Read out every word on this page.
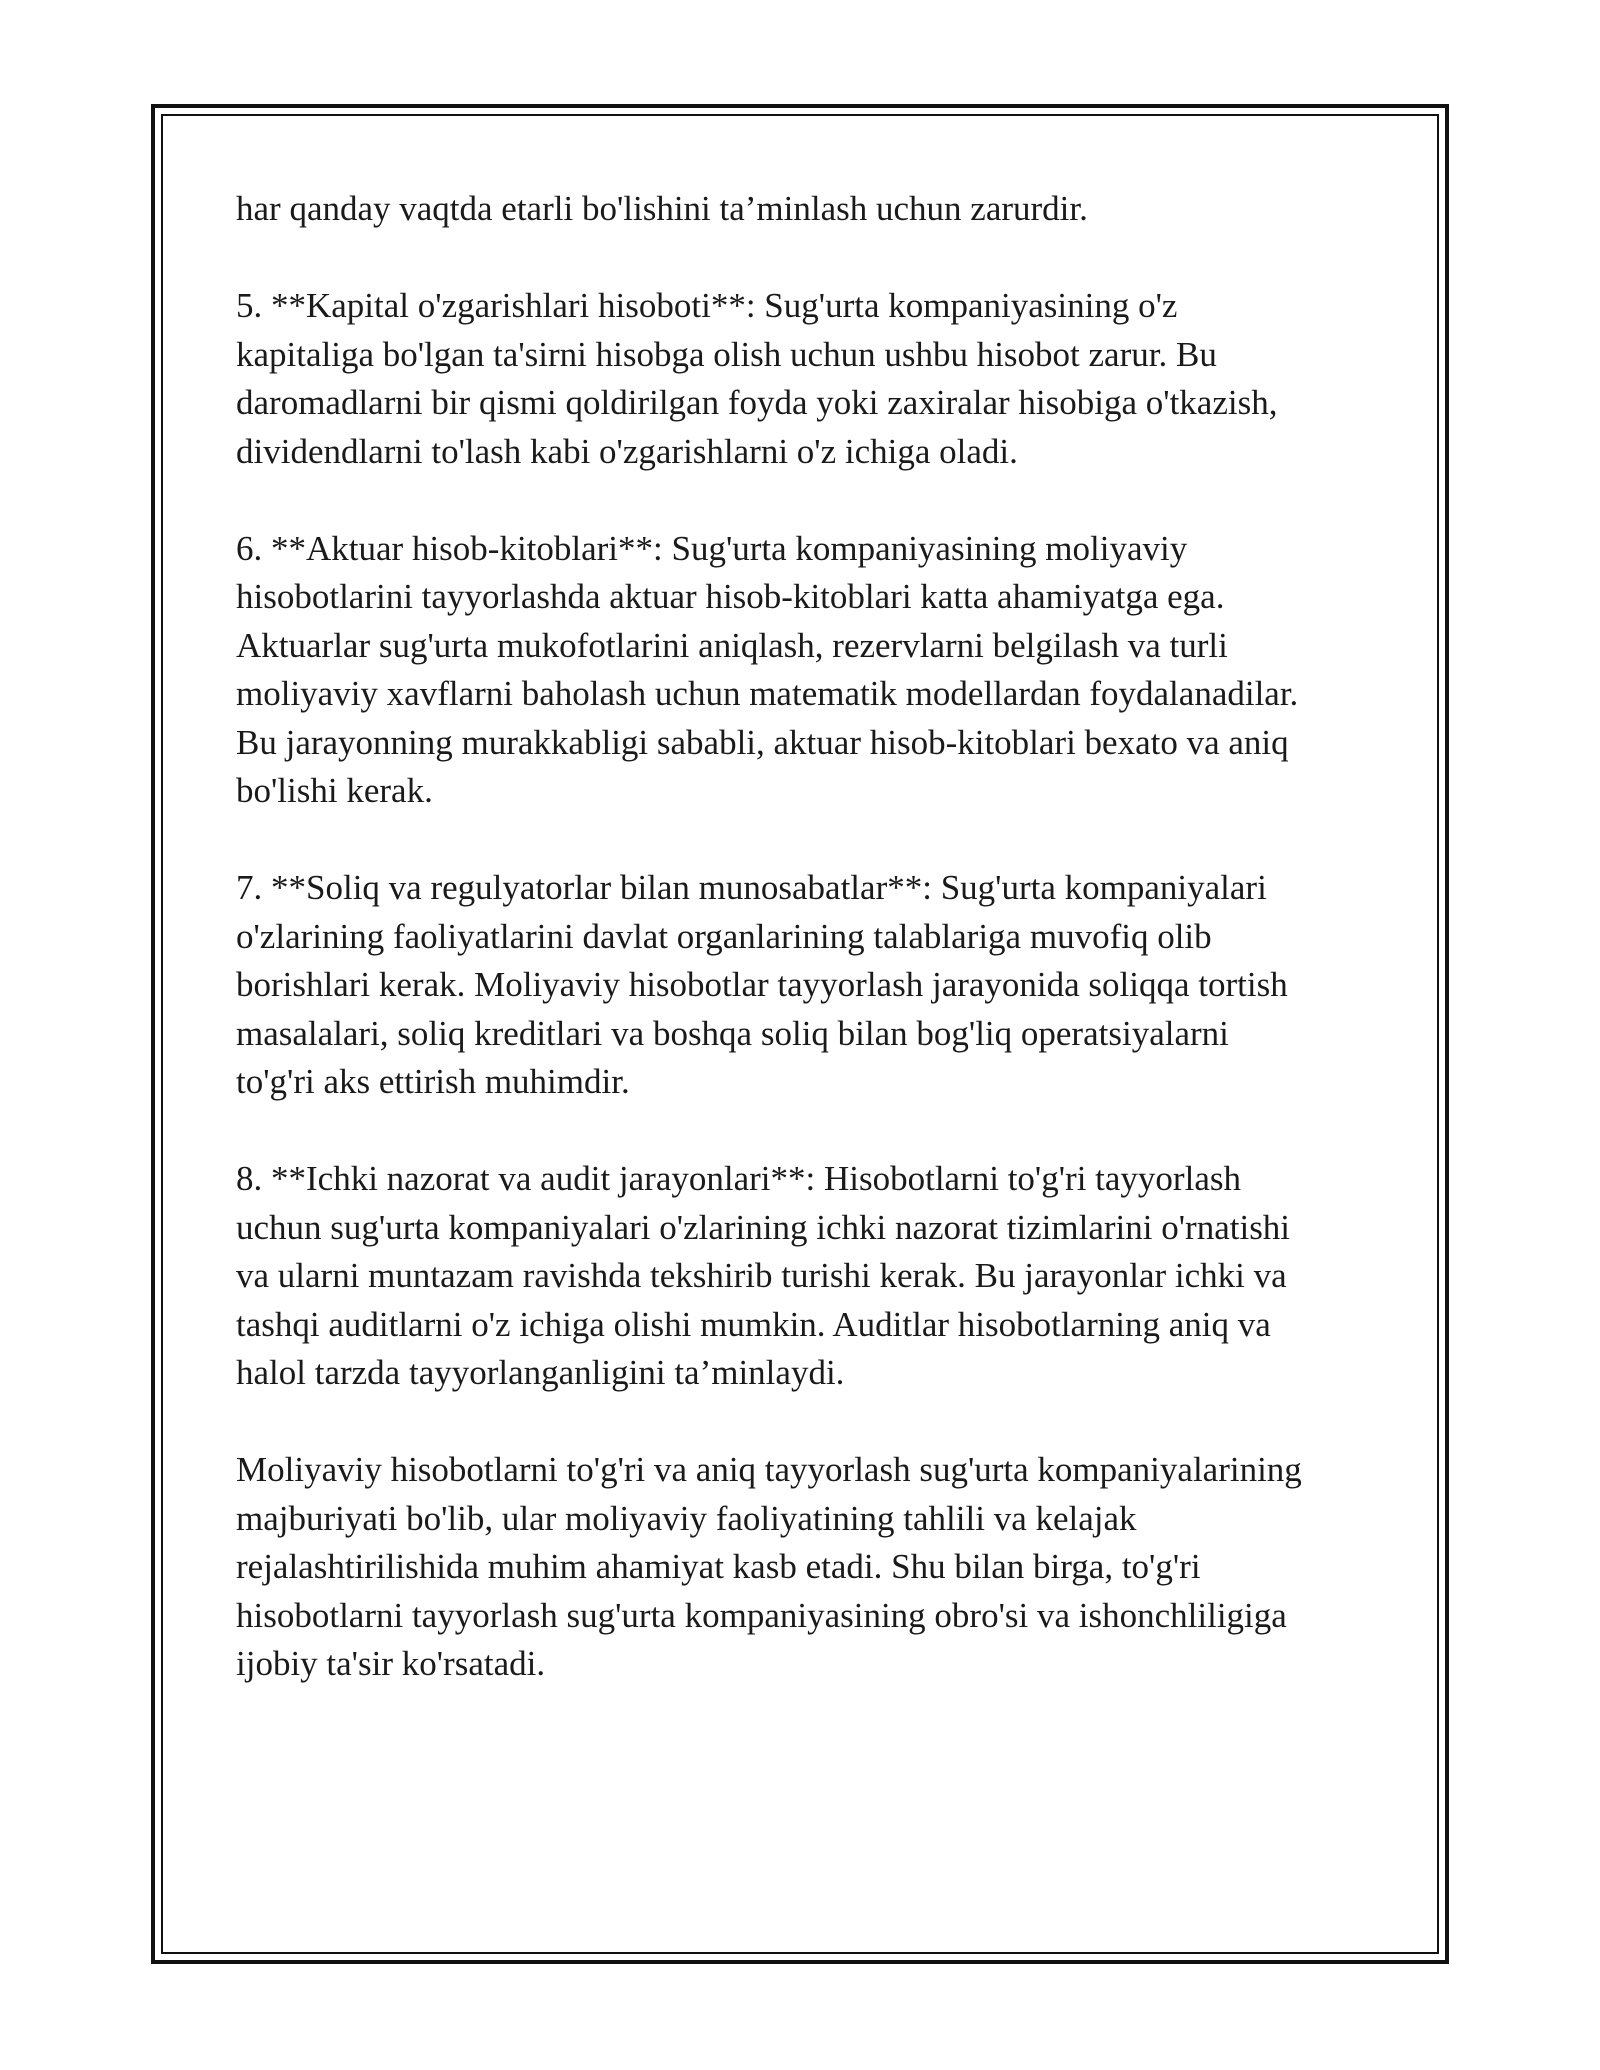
har qanday vaqtda etarli bo'lishini ta’minlash uchun zarurdir.

5. **Kapital o'zgarishlari hisoboti**: Sug'urta kompaniyasining o'z
kapitaliga bo'lgan ta'sirni hisobga olish uchun ushbu hisobot zarur. Bu
daromadlarni bir qismi qoldirilgan foyda yoki zaxiralar hisobiga o'tkazish,
dividendlarni to'lash kabi o'zgarishlarni o'z ichiga oladi.

6. **Aktuar hisob-kitoblari**: Sug'urta kompaniyasining moliyaviy
hisobotlarini tayyorlashda aktuar hisob-kitoblari katta ahamiyatga ega.
Aktuarlar sug'urta mukofotlarini aniqlash, rezervlarni belgilash va turli
moliyaviy xavflarni baholash uchun matematik modellardan foydalanadilar.
Bu jarayonning murakkabligi sababli, aktuar hisob-kitoblari bexato va aniq
bo'lishi kerak.

7. **Soliq va regulyatorlar bilan munosabatlar**: Sug'urta kompaniyalari
o'zlarining faoliyatlarini davlat organlarining talablariga muvofiq olib
borishlari kerak. Moliyaviy hisobotlar tayyorlash jarayonida soliqqa tortish
masalalari, soliq kreditlari va boshqa soliq bilan bog'liq operatsiyalarni
to'g'ri aks ettirish muhimdir.

8. **Ichki nazorat va audit jarayonlari**: Hisobotlarni to'g'ri tayyorlash
uchun sug'urta kompaniyalari o'zlarining ichki nazorat tizimlarini o'rnatishi
va ularni muntazam ravishda tekshirib turishi kerak. Bu jarayonlar ichki va
tashqi auditlarni o'z ichiga olishi mumkin. Auditlar hisobotlarning aniq va
halol tarzda tayyorlanganligini ta’minlaydi.

Moliyaviy hisobotlarni to'g'ri va aniq tayyorlash sug'urta kompaniyalarining
majburiyati bo'lib, ular moliyaviy faoliyatining tahlili va kelajak
rejalashtirilishida muhim ahamiyat kasb etadi. Shu bilan birga, to'g'ri
hisobotlarni tayyorlash sug'urta kompaniyasining obro'si va ishonchliligiga
ijobiy ta'sir ko'rsatadi.
